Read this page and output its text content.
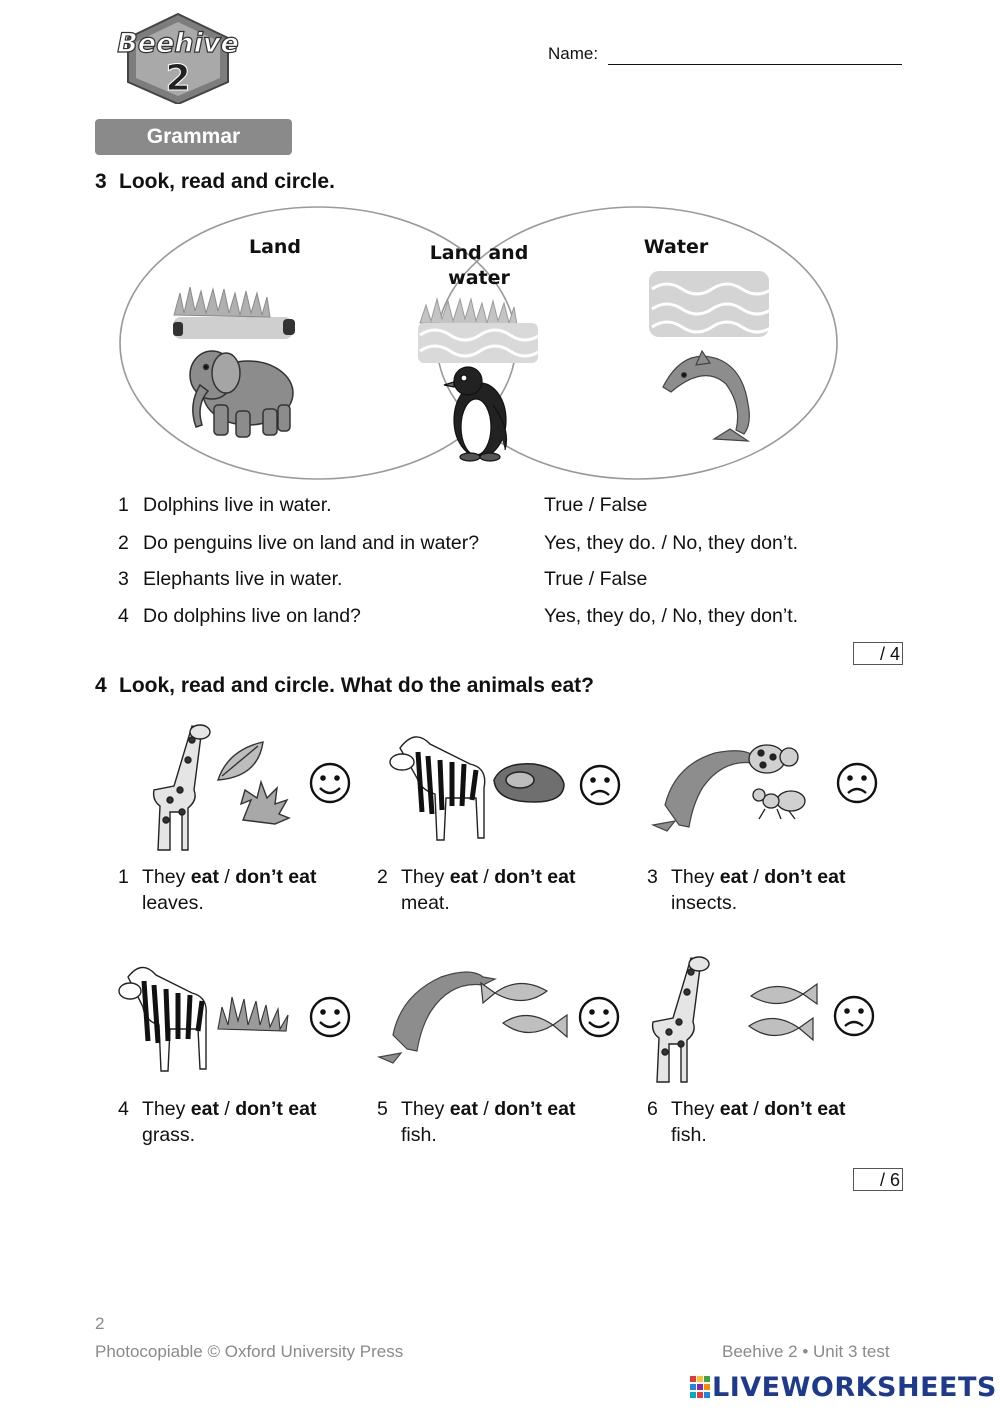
Beehive
2
Name:
Grammar
3 Look, read and circle.
Land	Land and
water
Water
1 Dolphins live in water.	True / False
2 Do penguins live on land and in water?	Yes, they do. / No, they don’t.
3 Elephants live in water.	True / False
4 Do dolphins live on land?	Yes, they do, / No, they don’t.
/ 4
4 Look, read and circle. What do the animals eat?
1 They eat / don’t eat
leaves.
2 They eat / don’t eat
meat.
3 They eat / don’t eat
insects.
4 They eat / don’t eat
grass.
5 They eat / don’t eat
fish.
6 They eat / don’t eat
fish.
/ 6
2
Photocopiable © Oxford University Press	Beehive 2 • Unit 3 test
LIVEWORKSHEETS
